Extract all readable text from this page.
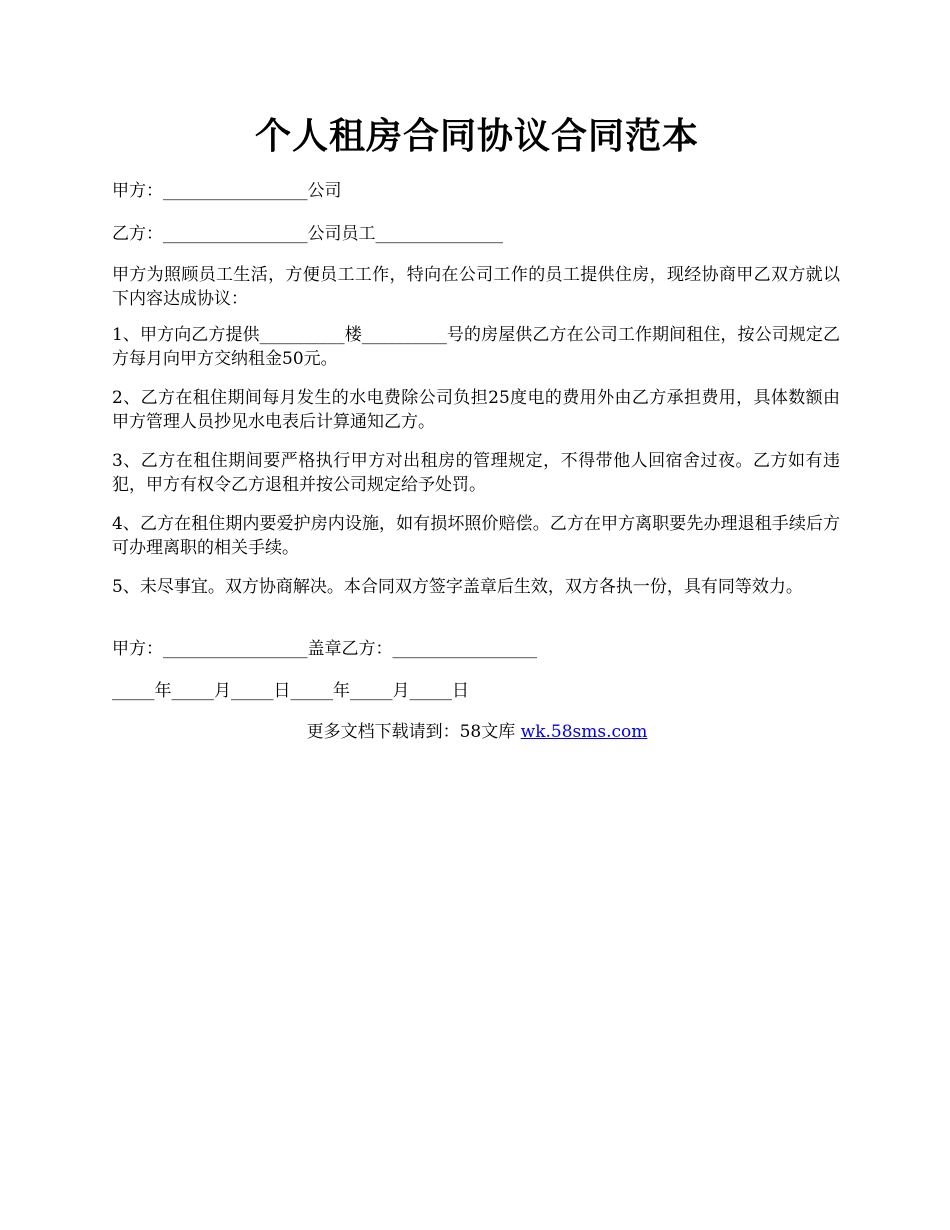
个人租房合同协议合同范本
甲方：_________________公司
乙方：_________________公司员工_______________
甲方为照顾员工生活，方便员工工作，特向在公司工作的员工提供住房，现经协商甲乙双方就以下内容达成协议：
1、甲方向乙方提供__________楼__________号的房屋供乙方在公司工作期间租住，按公司规定乙方每月向甲方交纳租金50元。
2、乙方在租住期间每月发生的水电费除公司负担25度电的费用外由乙方承担费用，具体数额由甲方管理人员抄见水电表后计算通知乙方。
3、乙方在租住期间要严格执行甲方对出租房的管理规定，不得带他人回宿舍过夜。乙方如有违犯，甲方有权令乙方退租并按公司规定给予处罚。
4、乙方在租住期内要爱护房内设施，如有损坏照价赔偿。乙方在甲方离职要先办理退租手续后方可办理离职的相关手续。
5、未尽事宜。双方协商解决。本合同双方签字盖章后生效，双方各执一份，具有同等效力。
甲方：_________________盖章乙方：_________________
_____年_____月_____日_____年_____月_____日
更多文档下载请到：58文库 wk.58sms.com
